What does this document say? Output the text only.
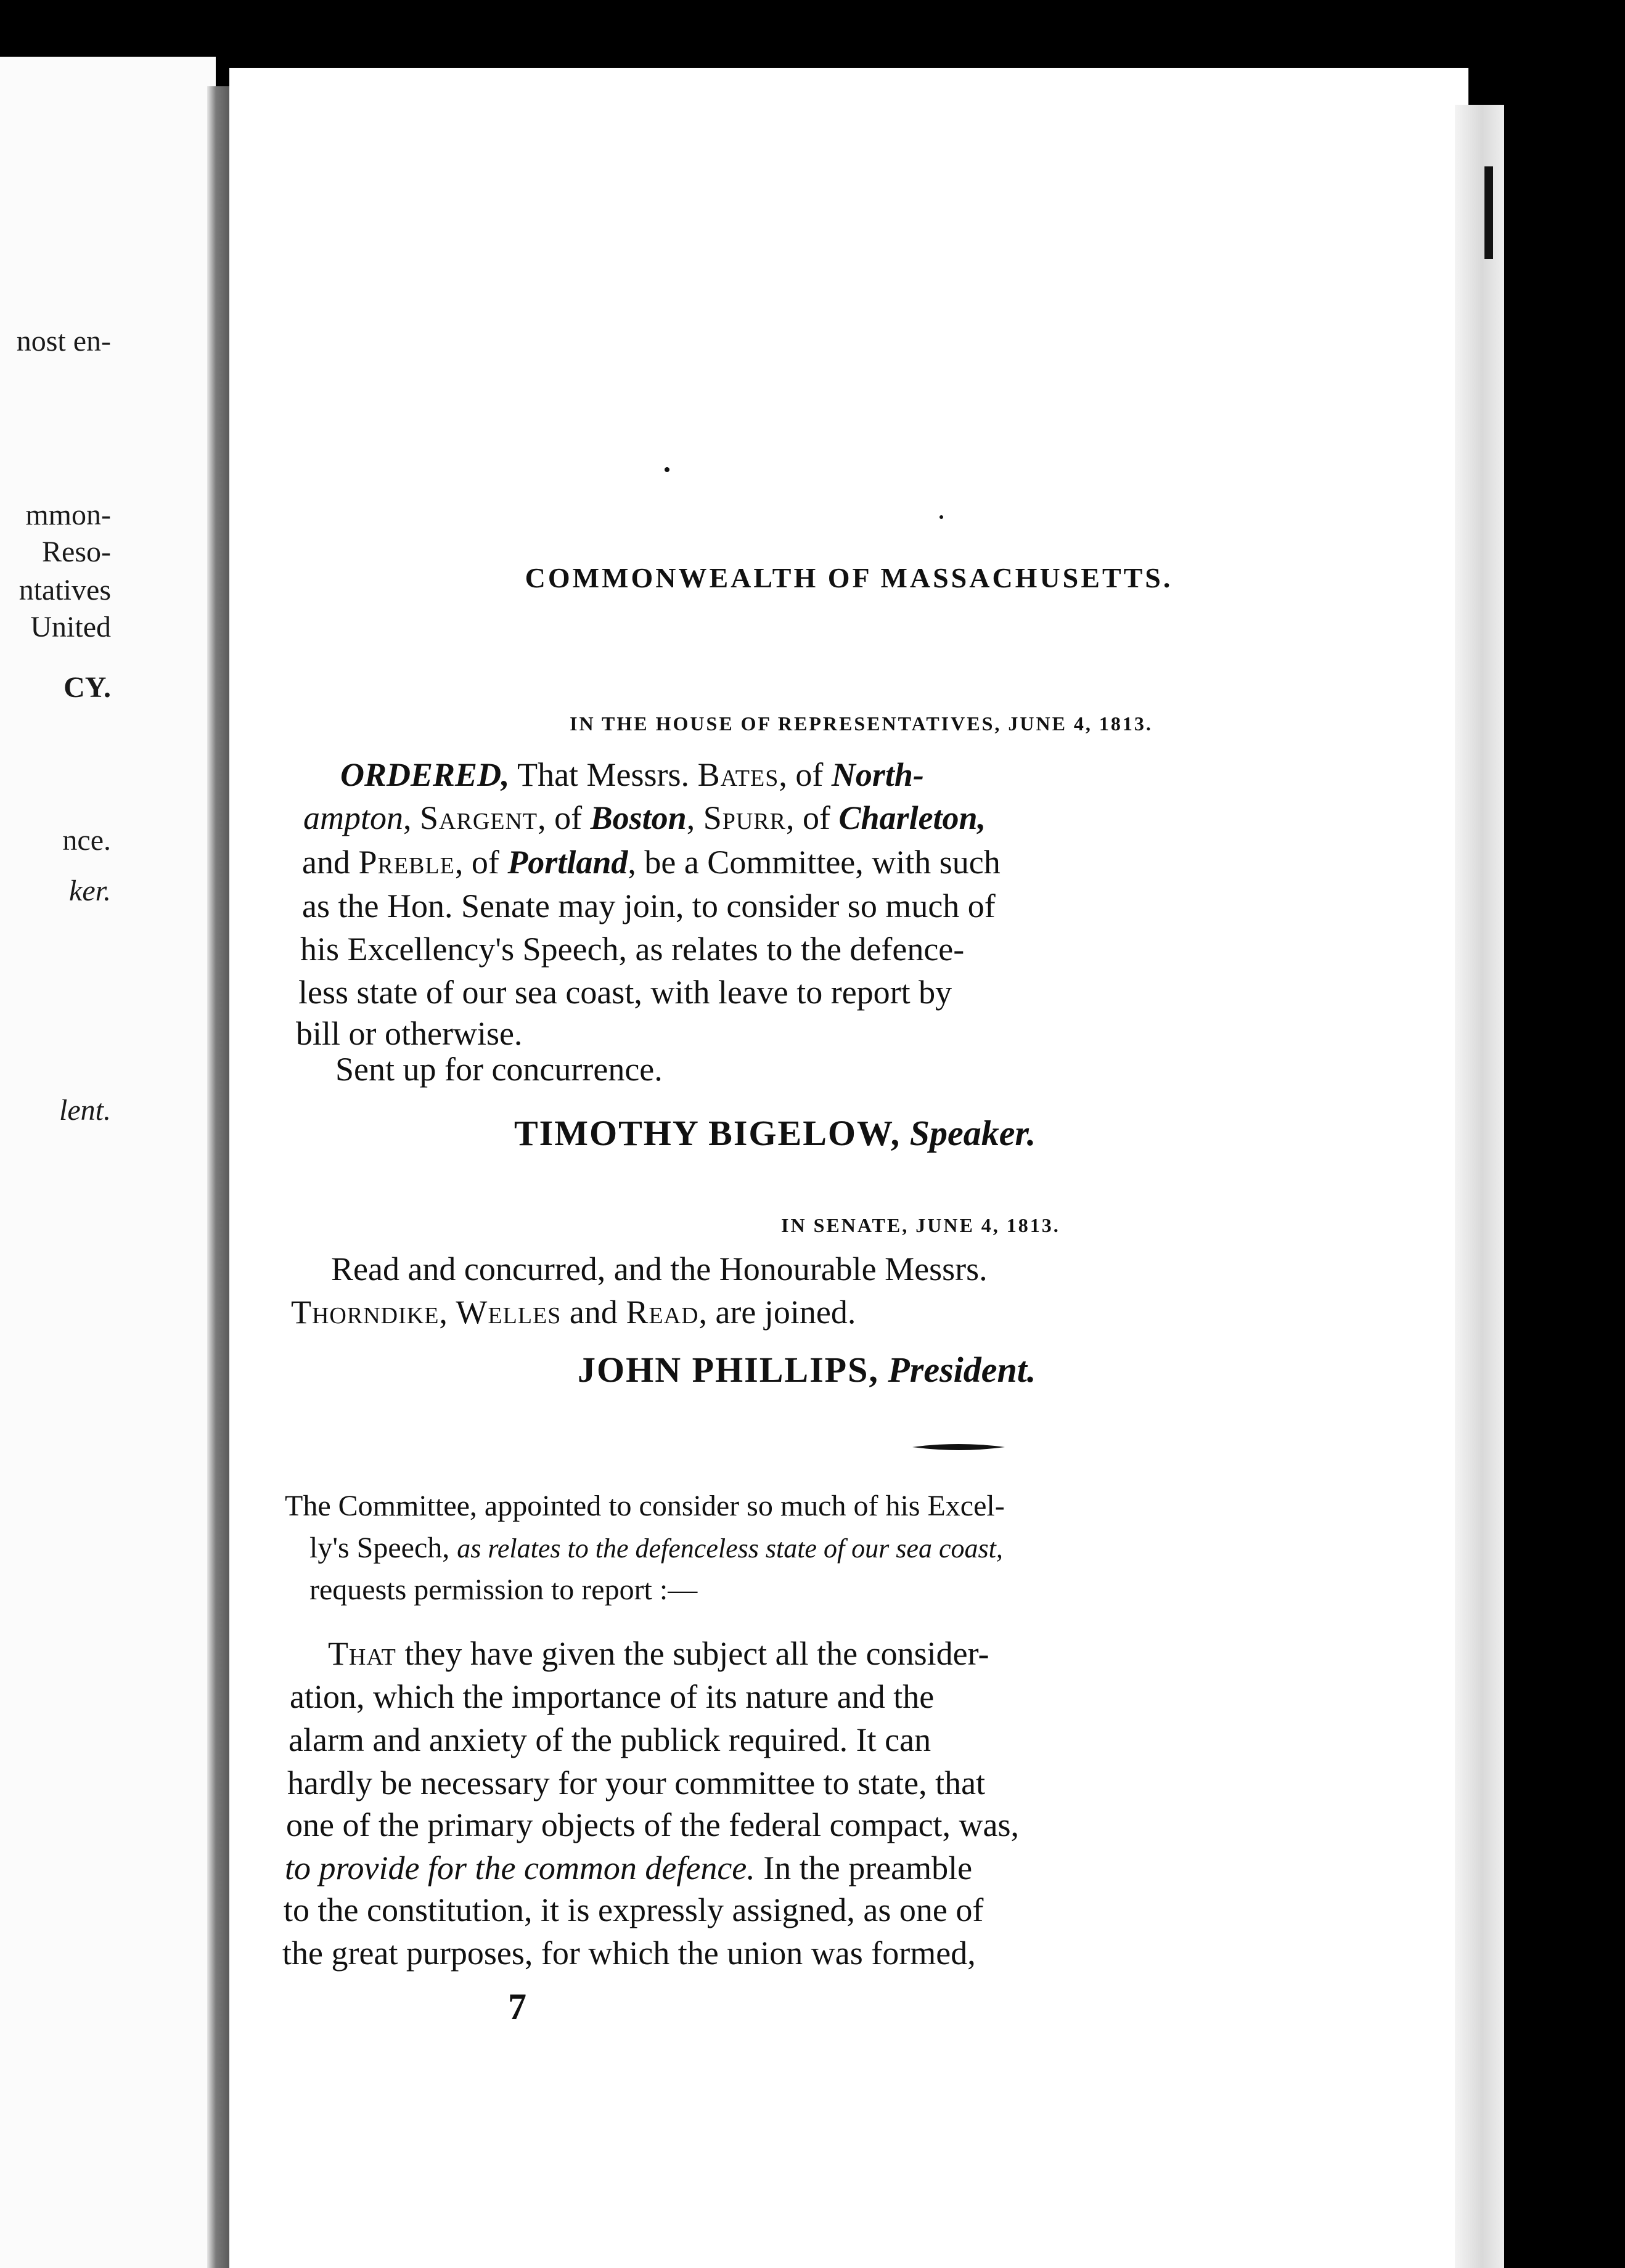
nost en-

mmon-

Reso-

ntatives

United

CY.

nce.

ker.

lent.

COMMONWEALTH OF MASSACHUSETTS.
IN THE HOUSE OF REPRESENTATIVES, JUNE 4, 1813.
ORDERED, That Messrs. Bates, of North-
ampton, Sargent, of Boston, Spurr, of Charleton,
and Preble, of Portland, be a Committee, with such
as the Hon. Senate may join, to consider so much of
his Excellency's Speech, as relates to the defence-
less state of our sea coast, with leave to report by
bill or otherwise.
Sent up for concurrence.
TIMOTHY BIGELOW, Speaker.
IN SENATE, JUNE 4, 1813.
Read and concurred, and the Honourable Messrs.
Thorndike, Welles and Read, are joined.
JOHN PHILLIPS, President.
The Committee, appointed to consider so much of his Excel-
ly's Speech, as relates to the defenceless state of our sea coast,
requests permission to report :—
That they have given the subject all the consider-
ation, which the importance of its nature and the
alarm and anxiety of the publick required. It can
hardly be necessary for your committee to state, that
one of the primary objects of the federal compact, was,
to provide for the common defence. In the preamble
to the constitution, it is expressly assigned, as one of
the great purposes, for which the union was formed,
7
